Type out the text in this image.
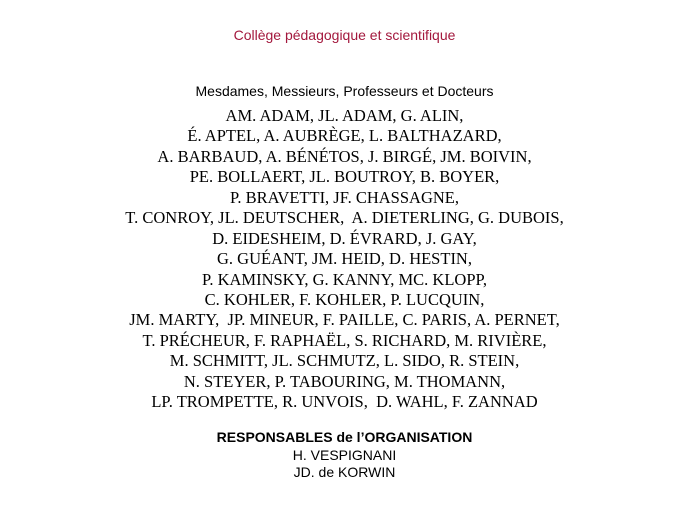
Collège pédagogique et scientifique
Mesdames, Messieurs, Professeurs et Docteurs
AM. ADAM, JL. ADAM, G. ALIN,
É. APTEL, A. AUBRÈGE, L. BALTHAZARD,
A. BARBAUD, A. BÉNÉTOS, J. BIRGÉ, JM. BOIVIN,
PE. BOLLAERT, JL. BOUTROY, B. BOYER,
P. BRAVETTI, JF. CHASSAGNE,
T. CONROY, JL. DEUTSCHER,  A. DIETERLING, G. DUBOIS,
D. EIDESHEIM, D. ÉVRARD, J. GAY,
G. GUÉANT, JM. HEID, D. HESTIN,
P. KAMINSKY, G. KANNY, MC. KLOPP,
C. KOHLER, F. KOHLER, P. LUCQUIN,
JM. MARTY,  JP. MINEUR, F. PAILLE, C. PARIS, A. PERNET,
T. PRÉCHEUR, F. RAPHAËL, S. RICHARD, M. RIVIÈRE,
M. SCHMITT, JL. SCHMUTZ, L. SIDO, R. STEIN,
N. STEYER, P. TABOURING, M. THOMANN,
LP. TROMPETTE, R. UNVOIS,  D. WAHL, F. ZANNAD
RESPONSABLES de l’ORGANISATION
H. VESPIGNANI
JD. de KORWIN
